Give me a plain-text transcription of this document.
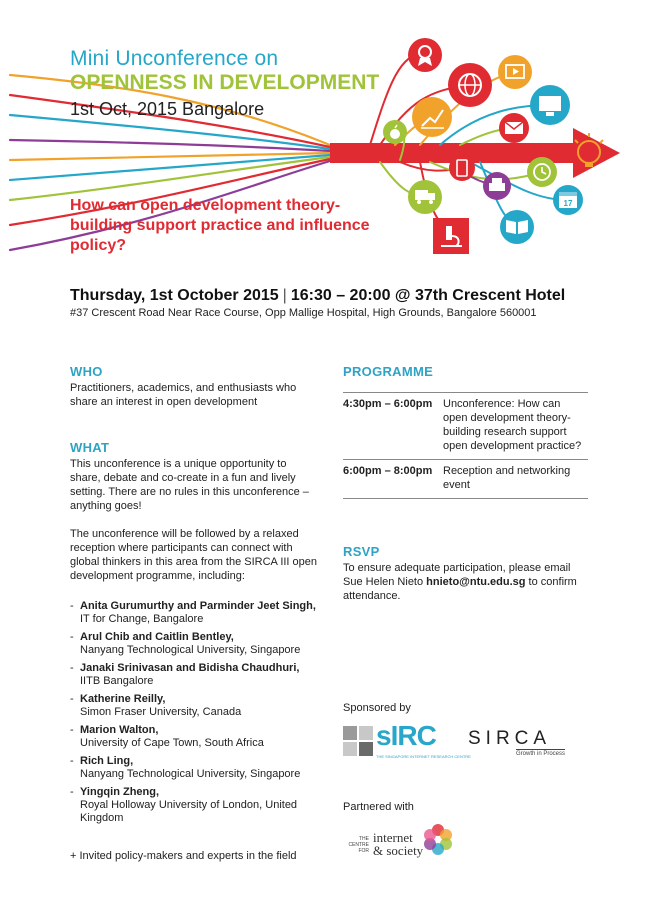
17
Mini Unconference on
OPENNESS IN DEVELOPMENT
1st Oct, 2015 Bangalore
How can open development theory-building support practice and influence policy?
Thursday, 1st October 2015 | 16:30 – 20:00 @ 37th Crescent Hotel
#37 Crescent Road Near Race Course, Opp Mallige Hospital, High Grounds, Bangalore 560001
WHO
Practitioners, academics, and enthusiasts who share an interest in open development
WHAT
This unconference is a unique opportunity to share, debate and co-create in a fun and lively setting. There are no rules in this unconference – anything goes!
The unconference will be followed by a relaxed reception where participants can connect with global thinkers in this area from the SIRCA III open development programme, including:
- Anita Gurumurthy and Parminder Jeet Singh,
IT for Change, Bangalore
- Arul Chib and Caitlin Bentley,
Nanyang Technological University, Singapore
- Janaki Srinivasan and Bidisha Chaudhuri,
IITB Bangalore
- Katherine Reilly,
Simon Fraser University, Canada
- Marion Walton,
University of Cape Town, South Africa
- Rich Ling,
Nanyang Technological University, Singapore
- Yingqin Zheng,
Royal Holloway University of London, United Kingdom
+ Invited policy-makers and experts in the field
PROGRAMME
4:30pm – 6:00pm Unconference: How can open development theory-building research support open development practice?
6:00pm – 8:00pm Reception and networking event
RSVP
To ensure adequate participation, please email Sue Helen Nieto hnieto@ntu.edu.sg to confirm attendance.
Sponsored by
sIRC
THE SINGAPORE INTERNET RESEARCH CENTRE
SIRCA
Growth in Process
Partnered with
THE CENTRE FOR
internet
& society
